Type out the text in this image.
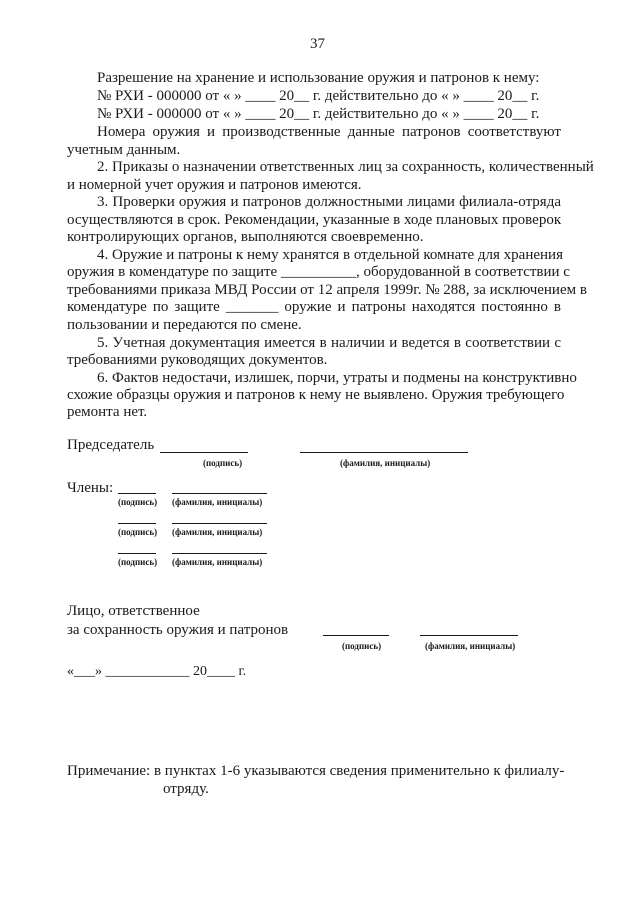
37
Разрешение на хранение и использование оружия и патронов к нему:
№ РХИ - 000000 от « » ____ 20__ г. действительно до « » ____ 20__ г.
№ РХИ - 000000 от « » ____ 20__ г. действительно до « » ____ 20__ г.
Номера оружия и производственные данные патронов соответствуют
учетным данным.
2. Приказы о назначении ответственных лиц за сохранность, количественный
и номерной учет оружия и патронов имеются.
3. Проверки оружия и патронов должностными лицами филиала-отряда
осуществляются в срок. Рекомендации, указанные в ходе плановых проверок
контролирующих органов, выполняются своевременно.
4. Оружие и патроны к нему хранятся в отдельной комнате для хранения
оружия в комендатуре по защите __________, оборудованной в соответствии с
требованиями приказа МВД России от 12 апреля 1999г. № 288, за исключением в
комендатуре по защите _______ оружие и патроны находятся постоянно в
пользовании и передаются по смене.
5. Учетная документация имеется в наличии и ведется в соответствии с
требованиями руководящих документов.
6. Фактов недостачи, излишек, порчи, утраты и подмены на конструктивно
схожие образцы оружия и патронов к нему не выявлено. Оружия требующего
ремонта нет.
Председатель
(подпись)	(фамилия, инициалы)
Члены:
(подпись) (фамилия, инициалы)
(подпись) (фамилия, инициалы)
(подпись) (фамилия, инициалы)
Лицо, ответственное
за сохранность оружия и патронов
(подпись)	(фамилия, инициалы)
«___» ____________ 20____ г.
Примечание: в пунктах 1-6 указываются сведения применительно к филиалу-
отряду.
